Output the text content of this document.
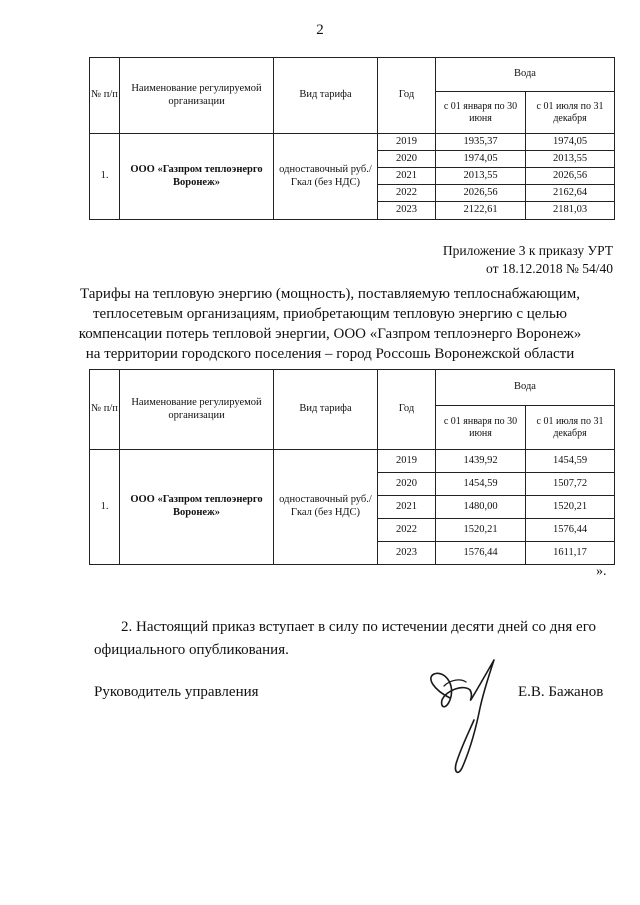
2
№ п/п	Наименование регулируемой организации	Вид тарифа	Год	Вода	
				с 01 января по 30 июня	с 01 июля по 31 декабря
1.	ООО «Газпром теплоэнерго Воронеж»	одноставочный руб./Гкал (без НДС)	2019	1935,37	1974,05
			2020	1974,05	2013,55
			2021	2013,55	2026,56
			2022	2026,56	2162,64
			2023	2122,61	2181,03
Приложение 3 к приказу УРТ
от 18.12.2018 № 54/40
Тарифы на тепловую энергию (мощность), поставляемую теплоснабжающим,
теплосетевым организациям, приобретающим тепловую энергию с целью
компенсации потерь тепловой энергии, ООО «Газпром теплоэнерго Воронеж»
на территории городского поселения – город Россошь Воронежской области
№ п/п	Наименование регулируемой организации	Вид тарифа	Год	Вода	
				с 01 января по 30 июня	с 01 июля по 31 декабря
1.	ООО «Газпром теплоэнерго Воронеж»	одноставочный руб./Гкал (без НДС)	2019	1439,92	1454,59
			2020	1454,59	1507,72
			2021	1480,00	1520,21
			2022	1520,21	1576,44
			2023	1576,44	1611,17
».
2. Настоящий приказ вступает в силу по истечении десяти дней со дня его официального опубликования.
Руководитель управления	Е.В. Бажанов
